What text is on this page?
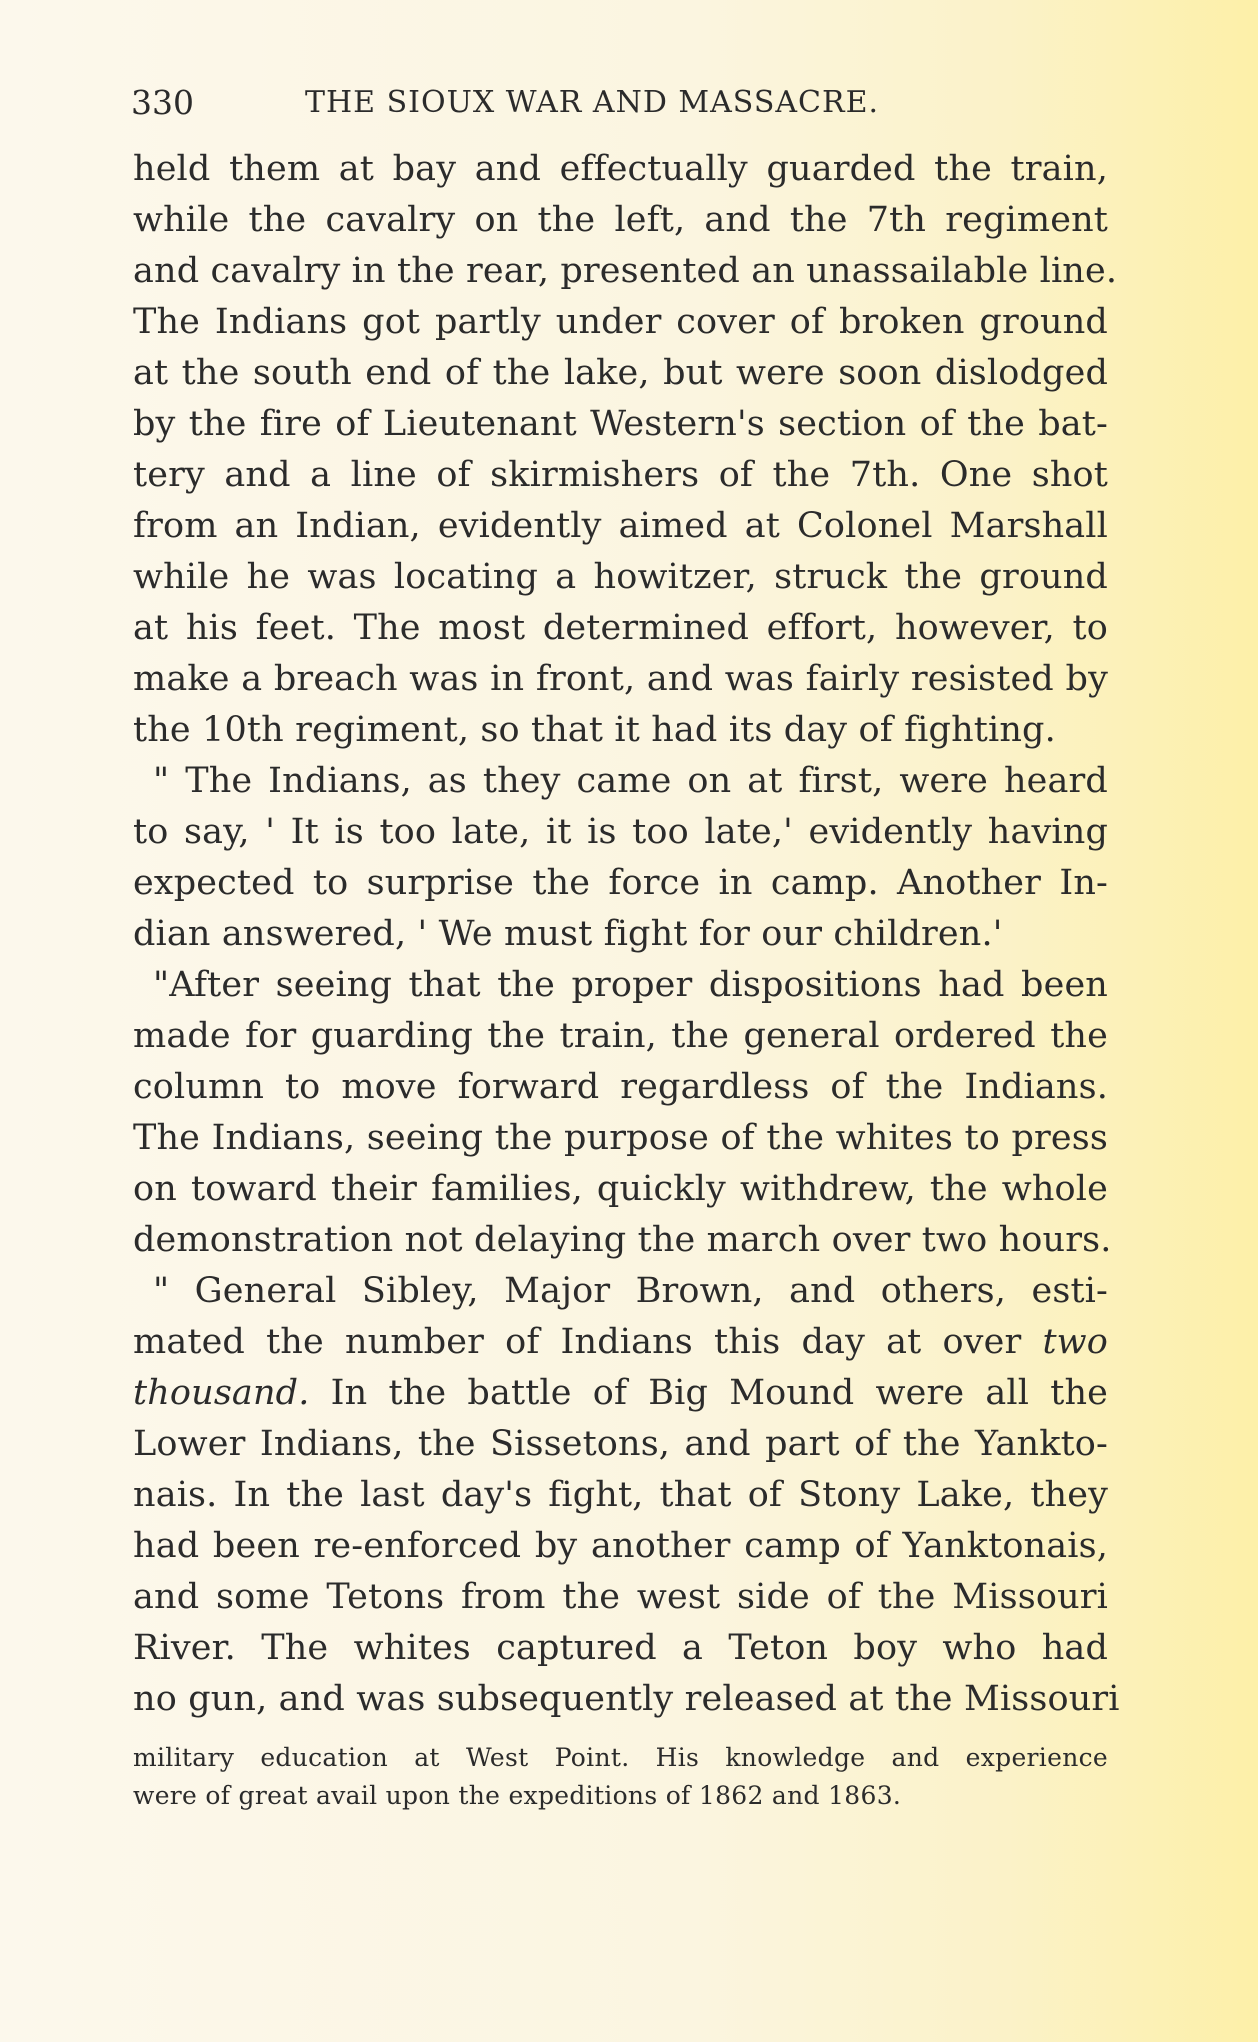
330	THE SIOUX WAR AND MASSACRE.
held them at bay and effectually guarded the train,
while the cavalry on the left, and the 7th regiment
and cavalry in the rear, presented an unassailable line.
The Indians got partly under cover of broken ground
at the south end of the lake, but were soon dislodged
by the fire of Lieutenant Western's section of the bat-
tery and a line of skirmishers of the 7th. One shot
from an Indian, evidently aimed at Colonel Marshall
while he was locating a howitzer, struck the ground
at his feet. The most determined effort, however, to
make a breach was in front, and was fairly resisted by
the 10th regiment, so that it had its day of fighting.
" The Indians, as they came on at first, were heard
to say, ' It is too late, it is too late,' evidently having
expected to surprise the force in camp. Another In-
dian answered, ' We must fight for our children.'
"After seeing that the proper dispositions had been
made for guarding the train, the general ordered the
column to move forward regardless of the Indians.
The Indians, seeing the purpose of the whites to press
on toward their families, quickly withdrew, the whole
demonstration not delaying the march over two hours.
" General Sibley, Major Brown, and others, esti-
mated the number of Indians this day at over two
thousand. In the battle of Big Mound were all the
Lower Indians, the Sissetons, and part of the Yankto-
nais. In the last day's fight, that of Stony Lake, they
had been re-enforced by another camp of Yanktonais,
and some Tetons from the west side of the Missouri
River. The whites captured a Teton boy who had
no gun, and was subsequently released at the Missouri
military education at West Point. His knowledge and experience
were of great avail upon the expeditions of 1862 and 1863.
